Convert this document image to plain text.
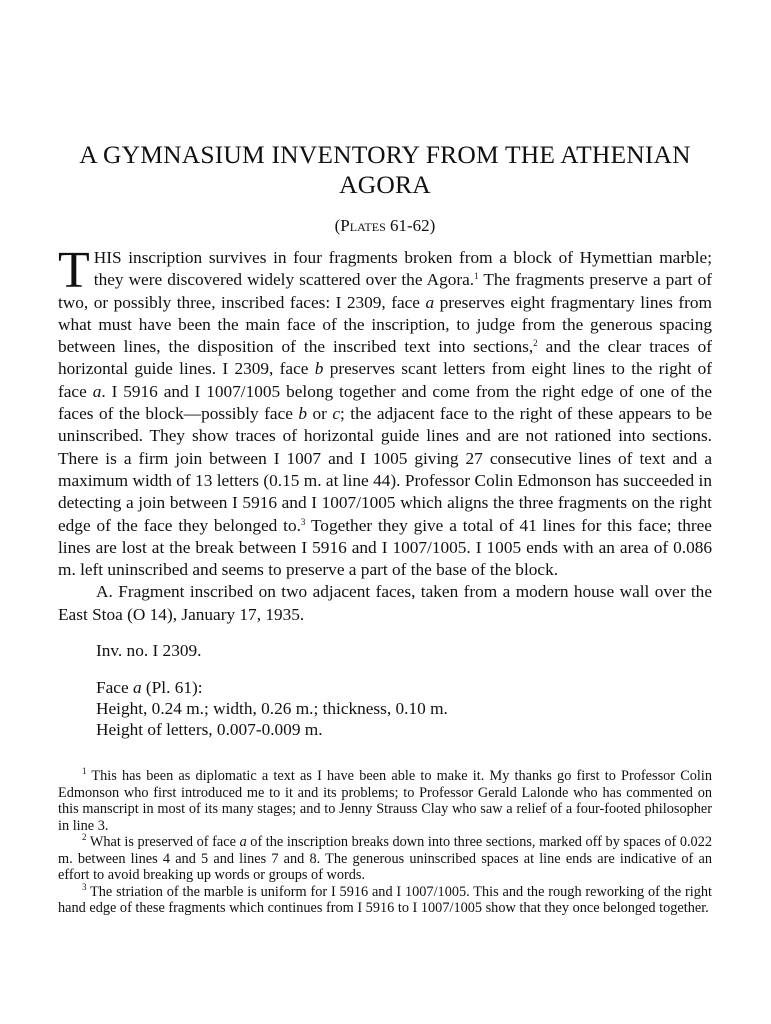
A GYMNASIUM INVENTORY FROM THE ATHENIAN AGORA
(Plates 61-62)

THIS inscription survives in four fragments broken from a block of Hymettian marble; they were discovered widely scattered over the Agora.$^1$ The fragments preserve a part of two, or possibly three, inscribed faces: I 2309, face a preserves eight fragmentary lines from what must have been the main face of the inscription, to judge from the generous spacing between lines, the disposition of the inscribed text into sections,$^2$ and the clear traces of horizontal guide lines. I 2309, face b preserves scant letters from eight lines to the right of face a. I 5916 and I 1007/1005 belong together and come from the right edge of one of the faces of the block—possibly face b or c; the adjacent face to the right of these appears to be uninscribed. They show traces of horizontal guide lines and are not rationed into sections. There is a firm join between I 1007 and I 1005 giving 27 consecutive lines of text and a maximum width of 13 letters (0.15 m. at line 44). Professor Colin Edmonson has succeeded in detecting a join between I 5916 and I 1007/1005 which aligns the three fragments on the right edge of the face they belonged to.$^3$ Together they give a total of 41 lines for this face; three lines are lost at the break between I 5916 and I 1007/1005. I 1005 ends with an area of 0.086 m. left uninscribed and seems to preserve a part of the base of the block.

A. Fragment inscribed on two adjacent faces, taken from a modern house wall over the East Stoa (O 14), January 17, 1935.

Inv. no. I 2309.
Face a (Pl. 61):
Height, 0.24 m.; width, 0.26 m.; thickness, 0.10 m.
Height of letters, 0.007-0.009 m.

$^1$ This has been as diplomatic a text as I have been able to make it. My thanks go first to Professor Colin Edmonson who first introduced me to it and its problems; to Professor Gerald Lalonde who has commented on this manscript in most of its many stages; and to Jenny Strauss Clay who saw a relief of a four-footed philosopher in line 3.

$^2$ What is preserved of face a of the inscription breaks down into three sections, marked off by spaces of 0.022 m. between lines 4 and 5 and lines 7 and 8. The generous uninscribed spaces at line ends are indicative of an effort to avoid breaking up words or groups of words.

$^3$ The striation of the marble is uniform for I 5916 and I 1007/1005. This and the rough reworking of the right hand edge of these fragments which continues from I 5916 to I 1007/1005 show that they once belonged together.
